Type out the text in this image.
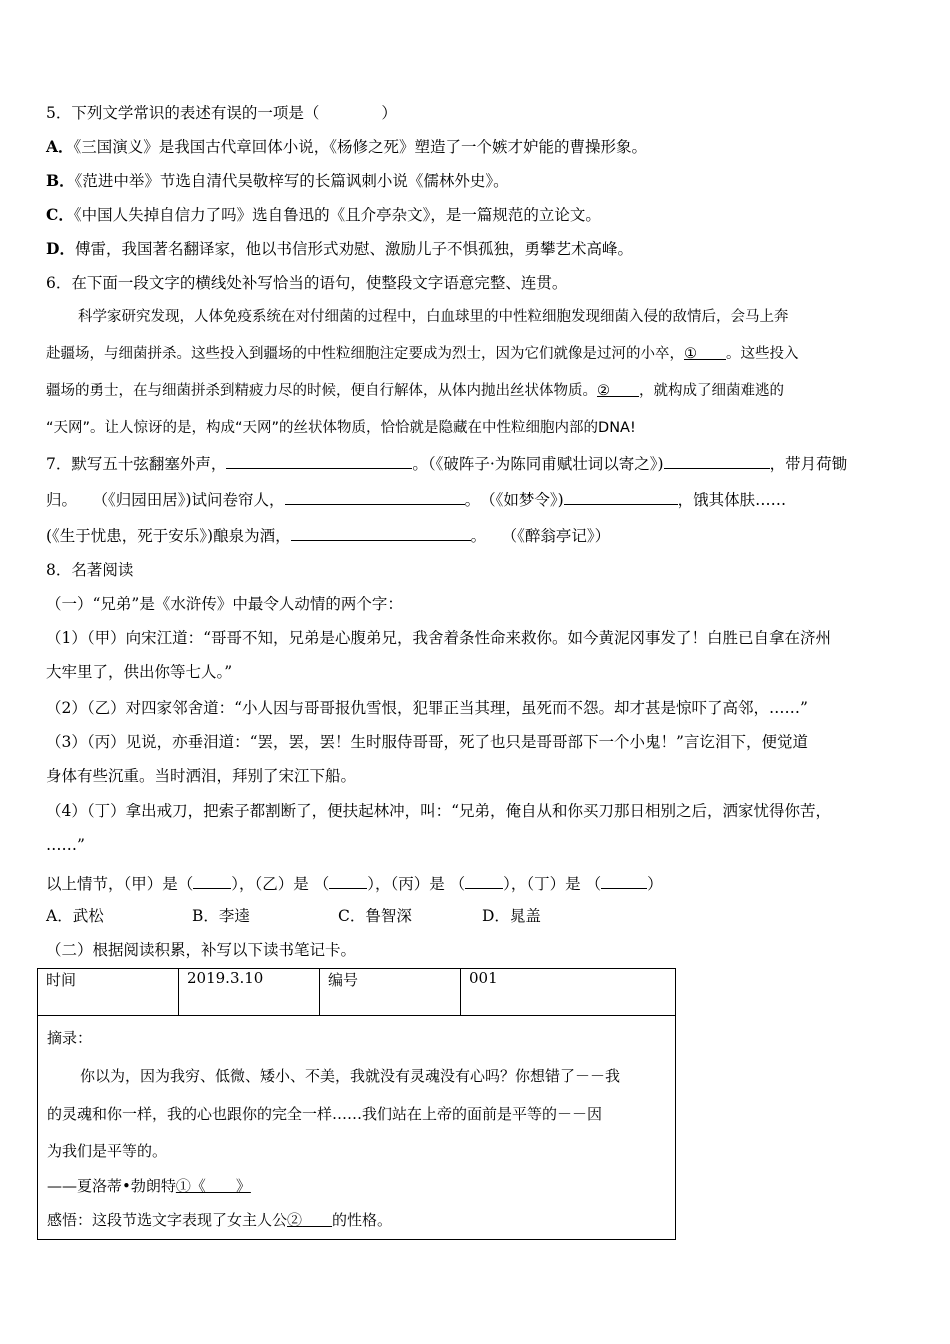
5．下列文学常识的表述有误的一项是（　　　　）
A．《三国演义》是我国古代章回体小说，《杨修之死》塑造了一个嫉才妒能的曹操形象。
B．《范进中举》节选自清代吴敬梓写的长篇讽刺小说《儒林外史》。
C．《中国人失掉自信力了吗》选自鲁迅的《且介亭杂文》，是一篇规范的立论文。
D．傅雷，我国著名翻译家，他以书信形式劝慰、激励儿子不惧孤独，勇攀艺术高峰。
6．在下面一段文字的横线处补写恰当的语句，使整段文字语意完整、连贯。
科学家研究发现，人体免疫系统在对付细菌的过程中，白血球里的中性粒细胞发现细菌入侵的敌情后，会马上奔
赴疆场，与细菌拼杀。这些投入到疆场的中性粒细胞注定要成为烈士，因为它们就像是过河的小卒，①　　 。这些投入
疆场的勇士，在与细菌拼杀到精疲力尽的时候，便自行解体，从体内抛出丝状体物质。②　　 ，就构成了细菌难逃的
“天网”。让人惊讶的是，构成“天网”的丝状体物质，恰恰就是隐藏在中性粒细胞内部的DNA!
7．默写五十弦翻塞外声，	。（《破阵子·为陈同甫赋壮词以寄之》)	，带月荷锄
归。　　（《归园田居》)试问卷帘人，	。　（《如梦令》)	，饿其体肤……
(《生于忧患，死于安乐》)酿泉为酒，	。　　（《醉翁亭记》）
8．名著阅读
（一）“兄弟”是《水浒传》中最令人动情的两个字：
（1）（甲）向宋江道：“哥哥不知，兄弟是心腹弟兄，我舍着条性命来救你。如今黄泥冈事发了！白胜已自拿在济州
大牢里了，供出你等七人。”
（2）（乙）对四家邻舍道：“小人因与哥哥报仇雪恨，犯罪正当其理，虽死而不怨。却才甚是惊吓了高邻，……”
（3）（丙）见说，亦垂泪道：“罢，罢，罢！生时服侍哥哥，死了也只是哥哥部下一个小鬼！”言讫泪下，便觉道
身体有些沉重。当时洒泪，拜别了宋江下船。
（4）（丁）拿出戒刀，把索子都割断了，便扶起林冲，叫：“兄弟，俺自从和你买刀那日相别之后，洒家忧得你苦，
……”
以上情节，（甲）是（ ），（乙）是 （ ），（丙）是 （ ），（丁）是 （	）
A．武松	B．李逵	C．鲁智深	D．晁盖
（二）根据阅读积累，补写以下读书笔记卡。
时间	2019.3.10	编号	001

摘录：
你以为，因为我穷、低微、矮小、不美，我就没有灵魂没有心吗？你想错了－－我
的灵魂和你一样，我的心也跟你的完全一样……我们站在上帝的面前是平等的－－因
为我们是平等的。
——夏洛蒂•勃朗特①《　　》
感悟：这段节选文字表现了女主人公②　　 的性格。
